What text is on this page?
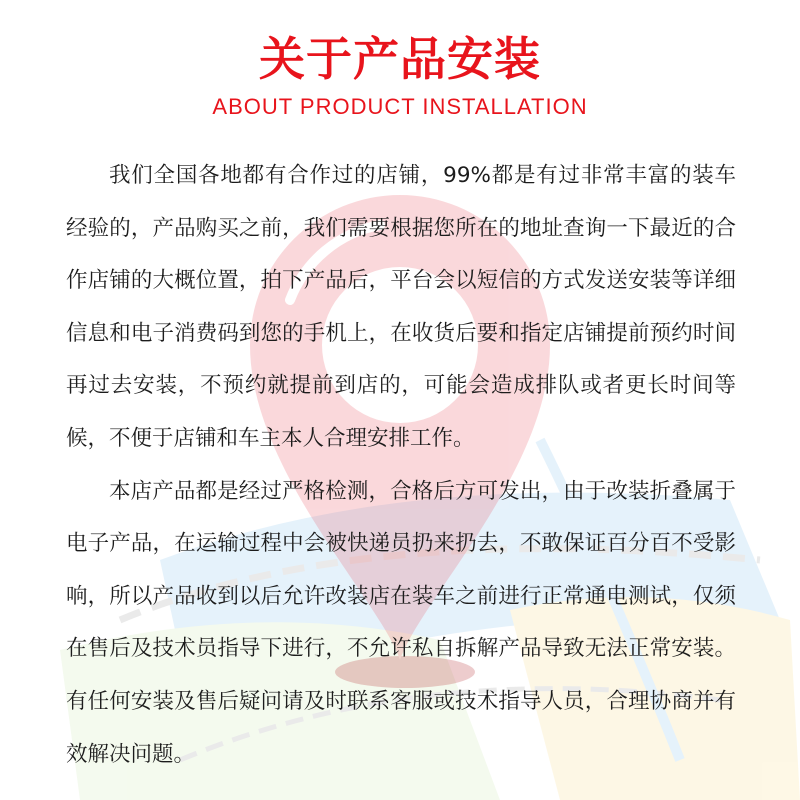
关于产品安装
ABOUT PRODUCT INSTALLATION

我们全国各地都有合作过的店铺，99%都是有过非常丰富的装车经验的，产品购买之前，我们需要根据您所在的地址查询一下最近的合作店铺的大概位置，拍下产品后，平台会以短信的方式发送安装等详细信息和电子消费码到您的手机上，在收货后要和指定店铺提前预约时间再过去安装，不预约就提前到店的，可能会造成排队或者更长时间等候，不便于店铺和车主本人合理安排工作。

本店产品都是经过严格检测，合格后方可发出，由于改装折叠属于电子产品，在运输过程中会被快递员扔来扔去，不敢保证百分百不受影响，所以产品收到以后允许改装店在装车之前进行正常通电测试，仅须在售后及技术员指导下进行，不允许私自拆解产品导致无法正常安装。有任何安装及售后疑问请及时联系客服或技术指导人员，合理协商并有效解决问题。
